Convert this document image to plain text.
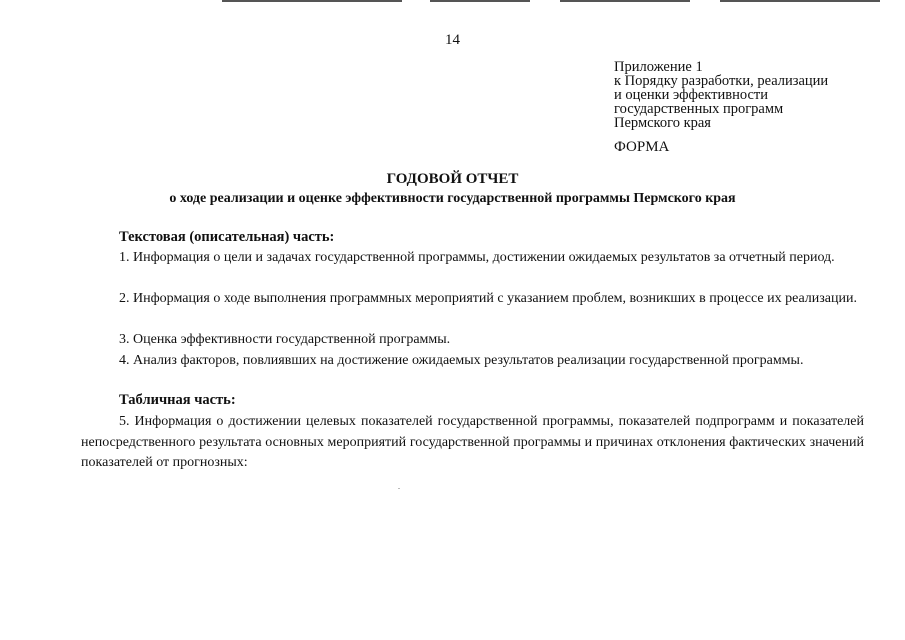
14
Приложение 1
к Порядку разработки, реализации
и оценки эффективности
государственных программ
Пермского края
ФОРМА
ГОДОВОЙ ОТЧЕТ
о ходе реализации и оценке эффективности государственной программы Пермского края
Текстовая (описательная) часть:
1. Информация о цели и задачах государственной программы, достижении ожидаемых результатов за отчетный период.
2. Информация о ходе выполнения программных мероприятий с указанием проблем, возникших в процессе их реализации.
3. Оценка эффективности государственной программы.
4. Анализ факторов, повлиявших на достижение ожидаемых результатов реализации государственной программы.
Табличная часть:
5. Информация о достижении целевых показателей государственной программы, показателей подпрограмм и показателей непосредственного результата основных мероприятий государственной программы и причинах отклонения фактических значений показателей от прогнозных:
